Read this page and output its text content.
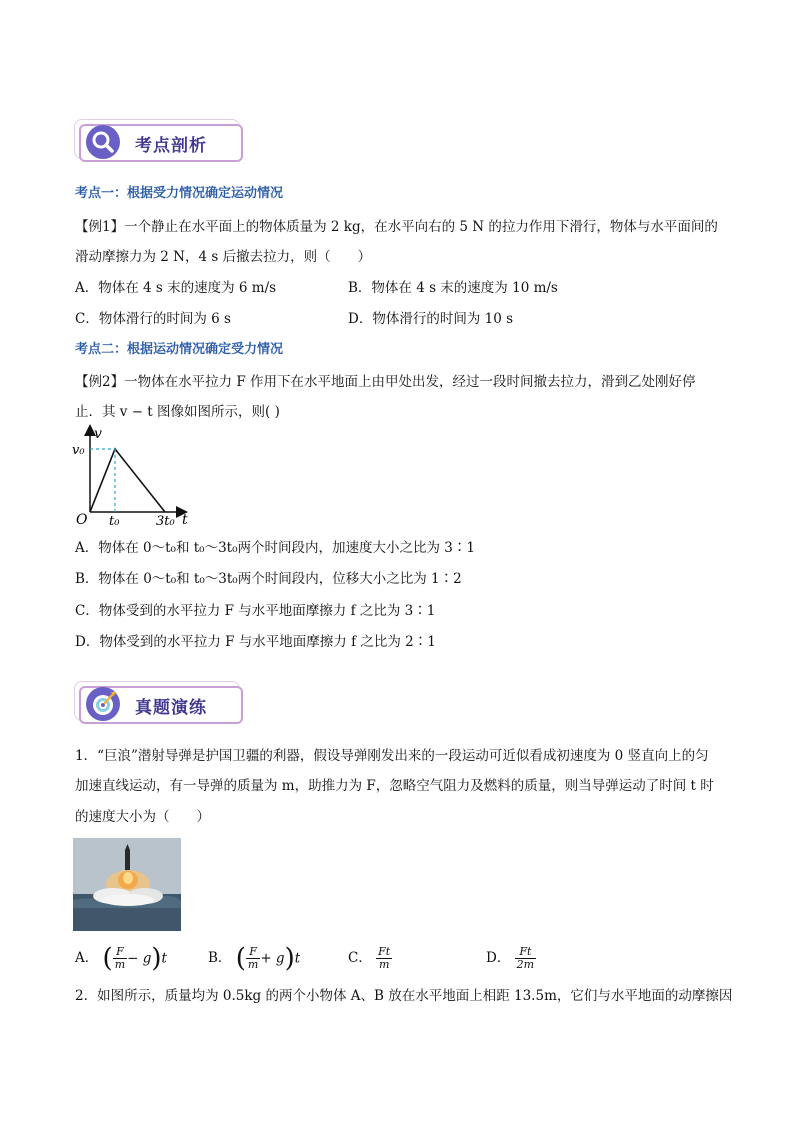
考点剖析
考点一：根据受力情况确定运动情况
【例1】一个静止在水平面上的物体质量为 2 kg，在水平向右的 5 N 的拉力作用下滑行，物体与水平面间的
滑动摩擦力为 2 N，4 s 后撤去拉力，则（　　）
A．物体在 4 s 末的速度为 6 m/s	B．物体在 4 s 末的速度为 10 m/s
C．物体滑行的时间为 6 s	D．物体滑行的时间为 10 s
考点二：根据运动情况确定受力情况
【例2】一物体在水平拉力 F 作用下在水平地面上由甲处出发，经过一段时间撤去拉力，滑到乙处刚好停
止．其 v − t 图像如图所示，则( )
v
v₀
O t₀	3t₀ t
A．物体在 0～t₀和 t₀～3t₀两个时间段内，加速度大小之比为 3∶1
B．物体在 0～t₀和 t₀～3t₀两个时间段内，位移大小之比为 1∶2
C．物体受到的水平拉力 F 与水平地面摩擦力 f 之比为 3∶1
D．物体受到的水平拉力 F 与水平地面摩擦力 f 之比为 2∶1
真题演练
1．“巨浪”潜射导弹是护国卫疆的利器，假设导弹刚发出来的一段运动可近似看成初速度为 0 竖直向上的匀
加速直线运动，有一导弹的质量为 m，助推力为 F，忽略空气阻力及燃料的质量，则当导弹运动了时间 t 时
的速度大小为（　　）
A． ( $\frac{F}{m} - g)t$	B． ( $\frac{F}{m} + g)t$	C． $\frac{Ft}{m}$	D． $\frac{Ft}{2m}$
2．如图所示，质量均为 0.5kg 的两个小物体 A、B 放在水平地面上相距 13.5m，它们与水平地面的动摩擦因
